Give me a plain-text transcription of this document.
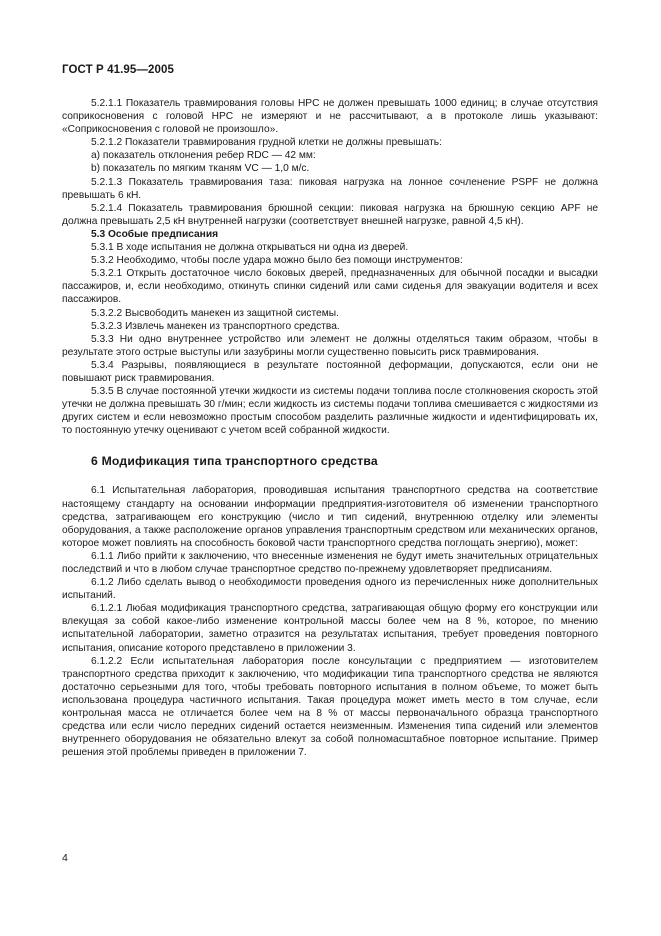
ГОСТ Р 41.95—2005

5.2.1.1 Показатель травмирования головы HPC не должен превышать 1000 единиц; в случае отсутствия соприкосновения с головой HPC не измеряют и не рассчитывают, а в протоколе лишь указывают: «Соприкосновения с головой не произошло».

5.2.1.2 Показатели травмирования грудной клетки не должны превышать:

a) показатель отклонения ребер RDC — 42 мм:

b) показатель по мягким тканям VC — 1,0 м/с.

5.2.1.3 Показатель травмирования таза: пиковая нагрузка на лонное сочленение PSPF не должна превышать 6 кН.

5.2.1.4 Показатель травмирования брюшной секции: пиковая нагрузка на брюшную секцию APF не должна превышать 2,5 кН внутренней нагрузки (соответствует внешней нагрузке, равной 4,5 кН).

5.3 Особые предписания

5.3.1 В ходе испытания не должна открываться ни одна из дверей.

5.3.2 Необходимо, чтобы после удара можно было без помощи инструментов:

5.3.2.1 Открыть достаточное число боковых дверей, предназначенных для обычной посадки и высадки пассажиров, и, если необходимо, откинуть спинки сидений или сами сиденья для эвакуации водителя и всех пассажиров.

5.3.2.2 Высвободить манекен из защитной системы.

5.3.2.3 Извлечь манекен из транспортного средства.

5.3.3 Ни одно внутреннее устройство или элемент не должны отделяться таким образом, чтобы в результате этого острые выступы или зазубрины могли существенно повысить риск травмирования.

5.3.4 Разрывы, появляющиеся в результате постоянной деформации, допускаются, если они не повышают риск травмирования.

5.3.5 В случае постоянной утечки жидкости из системы подачи топлива после столкновения скорость этой утечки не должна превышать 30 г/мин; если жидкость из системы подачи топлива смешивается с жидкостями из других систем и если невозможно простым способом разделить различные жидкости и идентифицировать их, то постоянную утечку оценивают с учетом всей собранной жидкости.

6 Модификация типа транспортного средства

6.1 Испытательная лаборатория, проводившая испытания транспортного средства на соответствие настоящему стандарту на основании информации предприятия-изготовителя об изменении транспортного средства, затрагивающем его конструкцию (число и тип сидений, внутреннюю отделку или элементы оборудования, а также расположение органов управления транспортным средством или механических органов, которое может повлиять на способность боковой части транспортного средства поглощать энергию), может:

6.1.1 Либо прийти к заключению, что внесенные изменения не будут иметь значительных отрицательных последствий и что в любом случае транспортное средство по-прежнему удовлетворяет предписаниям.

6.1.2 Либо сделать вывод о необходимости проведения одного из перечисленных ниже дополнительных испытаний.

6.1.2.1 Любая модификация транспортного средства, затрагивающая общую форму его конструкции или влекущая за собой какое-либо изменение контрольной массы более чем на 8 %, которое, по мнению испытательной лаборатории, заметно отразится на результатах испытания, требует проведения повторного испытания, описание которого представлено в приложении 3.

6.1.2.2 Если испытательная лаборатория после консультации с предприятием — изготовителем транспортного средства приходит к заключению, что модификации типа транспортного средства не являются достаточно серьезными для того, чтобы требовать повторного испытания в полном объеме, то может быть использована процедура частичного испытания. Такая процедура может иметь место в том случае, если контрольная масса не отличается более чем на 8 % от массы первоначального образца транспортного средства или если число передних сидений остается неизменным. Изменения типа сидений или элементов внутреннего оборудования не обязательно влекут за собой полномасштабное повторное испытание. Пример решения этой проблемы приведен в приложении 7.

4
